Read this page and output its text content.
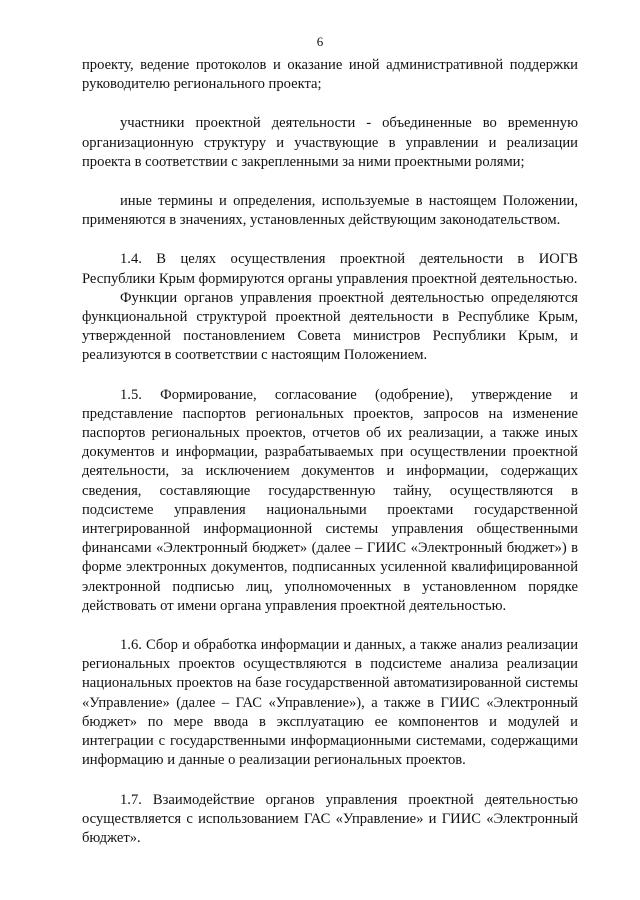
6

проекту, ведение протоколов и оказание иной административной поддержки руководителю регионального проекта;

участники проектной деятельности - объединенные во временную организационную структуру и участвующие в управлении и реализации проекта в соответствии с закрепленными за ними проектными ролями;

иные термины и определения, используемые в настоящем Положении, применяются в значениях, установленных действующим законодательством.

1.4. В целях осуществления проектной деятельности в ИОГВ Республики Крым формируются органы управления проектной деятельностью.

Функции органов управления проектной деятельностью определяются функциональной структурой проектной деятельности в Республике Крым, утвержденной постановлением Совета министров Республики Крым, и реализуются в соответствии с настоящим Положением.

1.5. Формирование, согласование (одобрение), утверждение и представление паспортов региональных проектов, запросов на изменение паспортов региональных проектов, отчетов об их реализации, а также иных документов и информации, разрабатываемых при осуществлении проектной деятельности, за исключением документов и информации, содержащих сведения, составляющие государственную тайну, осуществляются в подсистеме управления национальными проектами государственной интегрированной информационной системы управления общественными финансами «Электронный бюджет» (далее – ГИИС «Электронный бюджет») в форме электронных документов, подписанных усиленной квалифицированной электронной подписью лиц, уполномоченных в установленном порядке действовать от имени органа управления проектной деятельностью.

1.6. Сбор и обработка информации и данных, а также анализ реализации региональных проектов осуществляются в подсистеме анализа реализации национальных проектов на базе государственной автоматизированной системы «Управление» (далее – ГАС «Управление»), а также в ГИИС «Электронный бюджет» по мере ввода в эксплуатацию ее компонентов и модулей и интеграции с государственными информационными системами, содержащими информацию и данные о реализации региональных проектов.

1.7. Взаимодействие органов управления проектной деятельностью осуществляется с использованием ГАС «Управление» и ГИИС «Электронный бюджет».
